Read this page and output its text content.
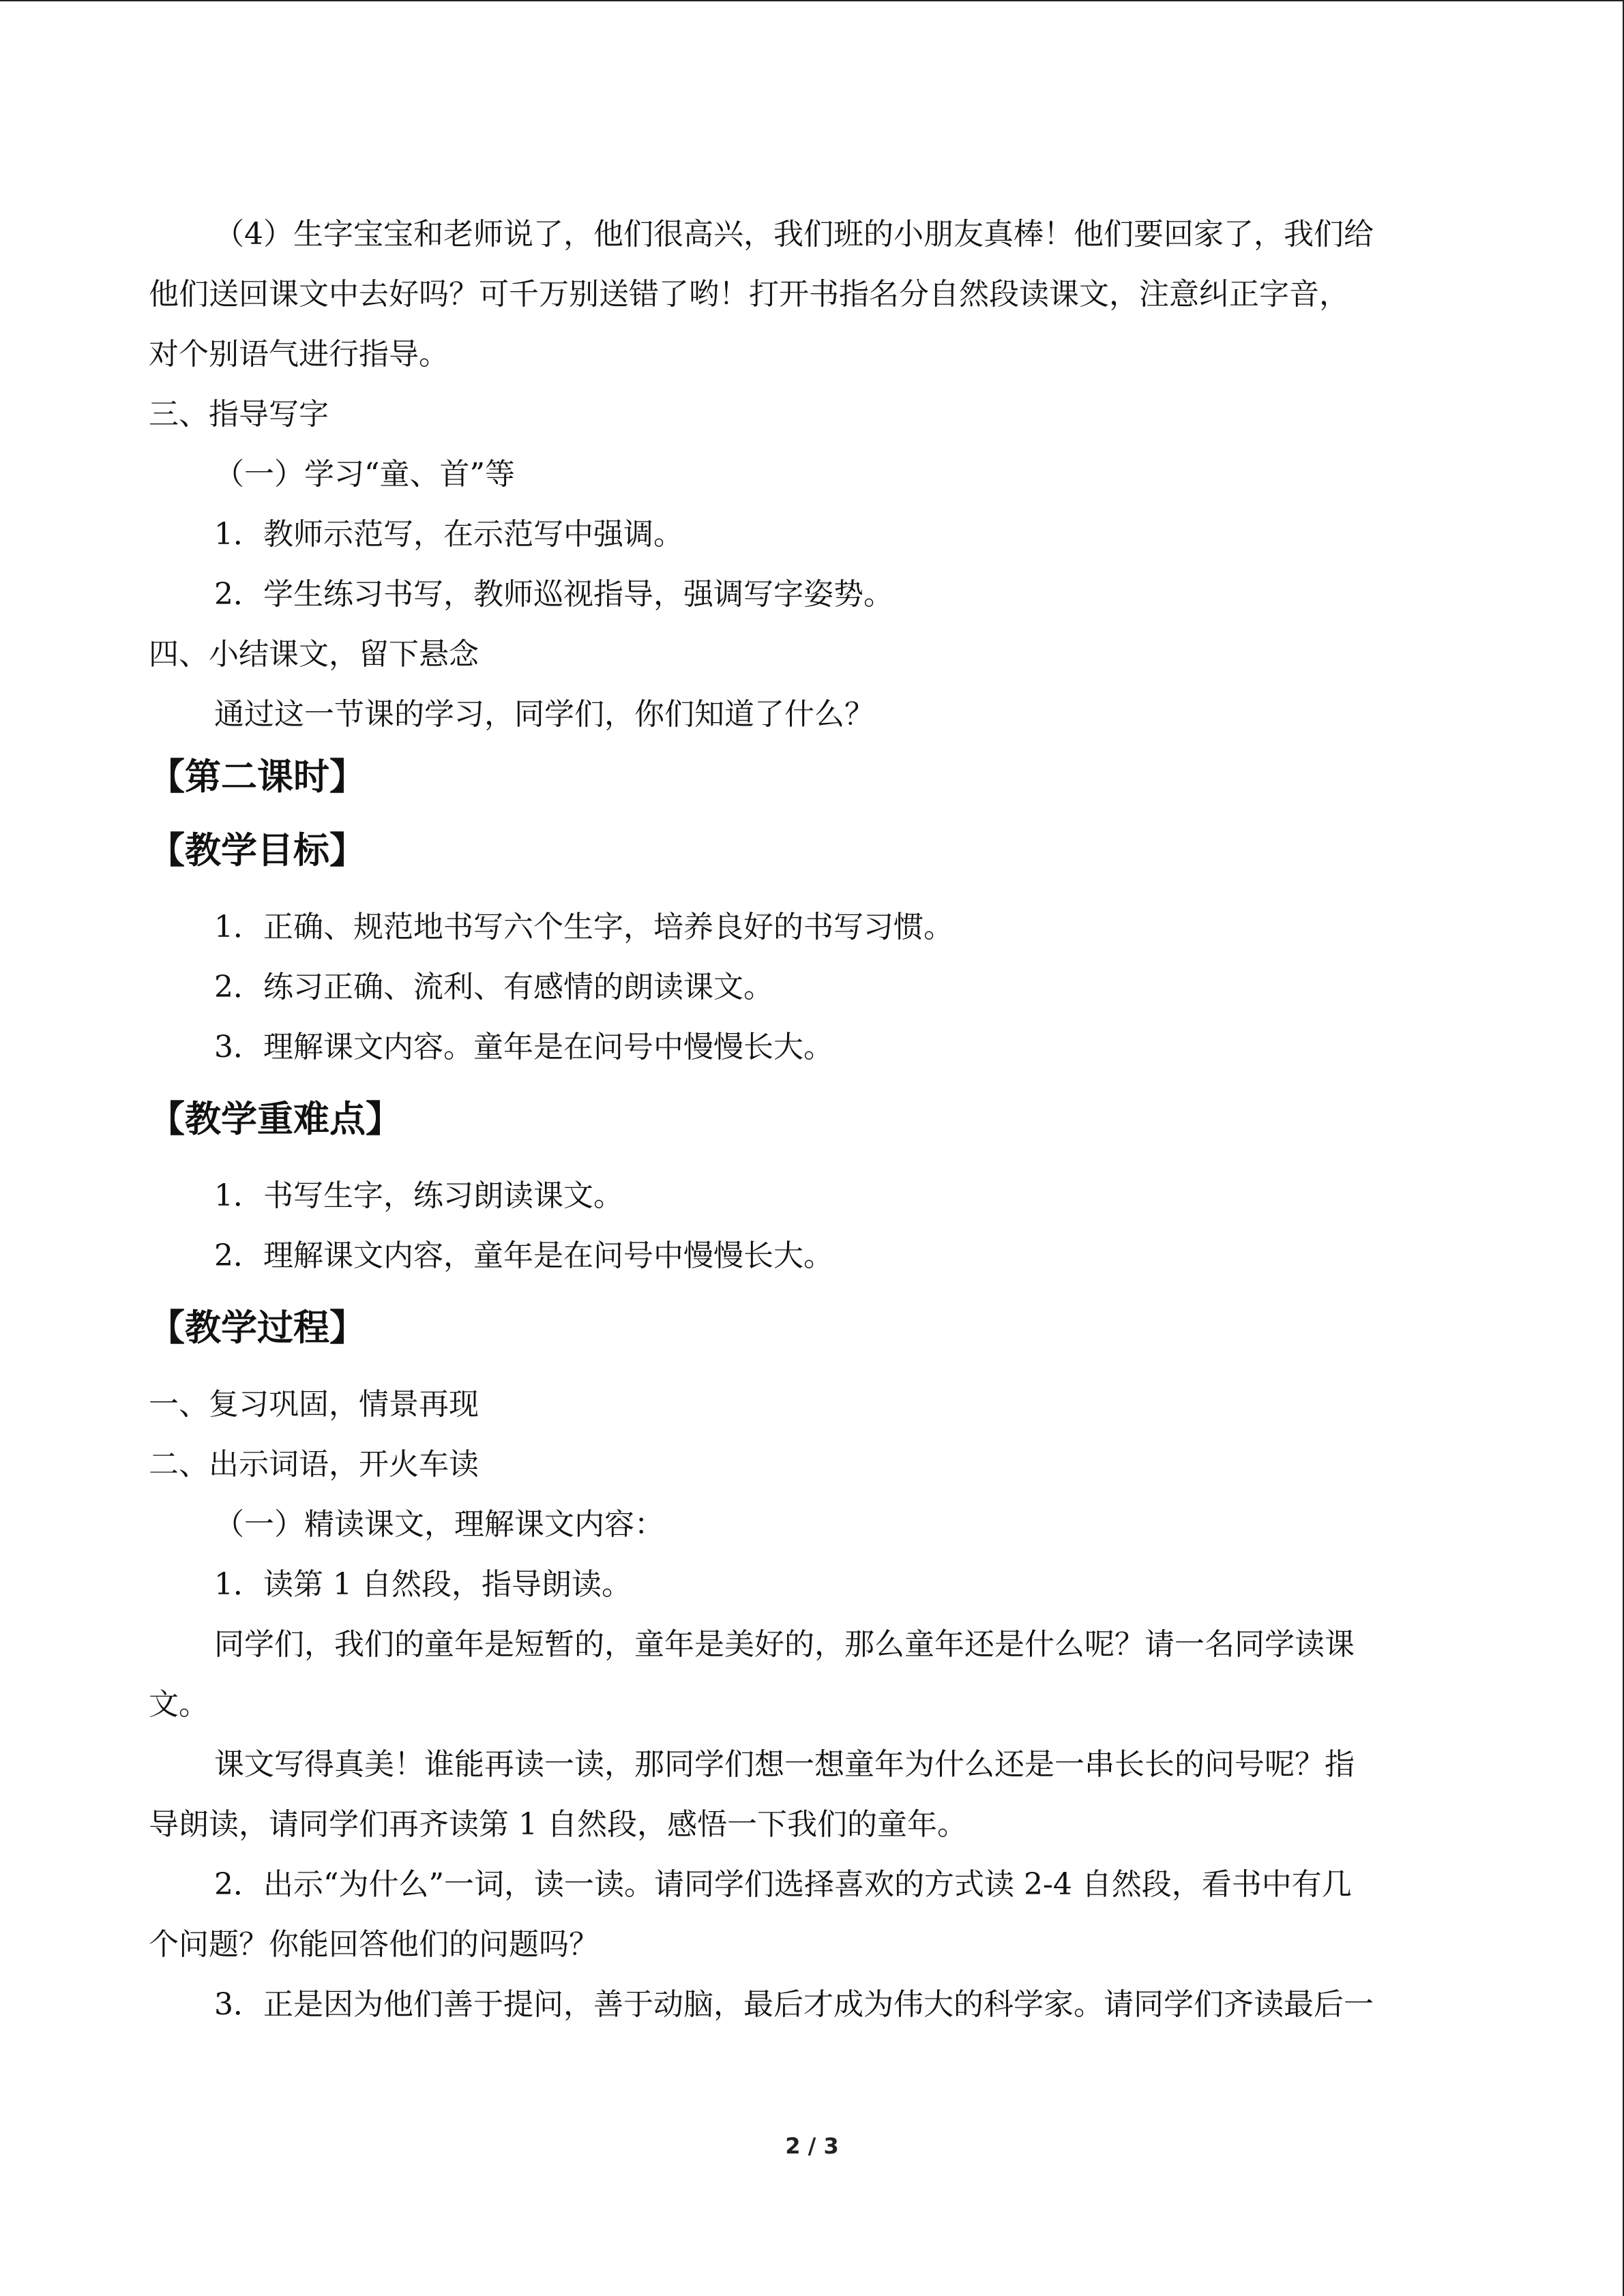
（4）生字宝宝和老师说了，他们很高兴，我们班的小朋友真棒！他们要回家了，我们给
他们送回课文中去好吗？可千万别送错了哟！打开书指名分自然段读课文，注意纠正字音，
对个别语气进行指导。
三、指导写字
（一）学习“童、首”等
1．教师示范写，在示范写中强调。
2．学生练习书写，教师巡视指导，强调写字姿势。
四、小结课文，留下悬念
通过这一节课的学习，同学们，你们知道了什么？
【第二课时】
【教学目标】
1．正确、规范地书写六个生字，培养良好的书写习惯。
2．练习正确、流利、有感情的朗读课文。
3．理解课文内容。童年是在问号中慢慢长大。
【教学重难点】
1．书写生字，练习朗读课文。
2．理解课文内容，童年是在问号中慢慢长大。
【教学过程】
一、复习巩固，情景再现
二、出示词语，开火车读
（一）精读课文，理解课文内容：
1．读第 1 自然段，指导朗读。
同学们，我们的童年是短暂的，童年是美好的，那么童年还是什么呢？请一名同学读课
文。
课文写得真美！谁能再读一读，那同学们想一想童年为什么还是一串长长的问号呢？指
导朗读，请同学们再齐读第 1 自然段，感悟一下我们的童年。
2．出示“为什么”一词，读一读。请同学们选择喜欢的方式读 2-4 自然段，看书中有几
个问题？你能回答他们的问题吗？
3．正是因为他们善于提问，善于动脑，最后才成为伟大的科学家。请同学们齐读最后一
2 / 3
